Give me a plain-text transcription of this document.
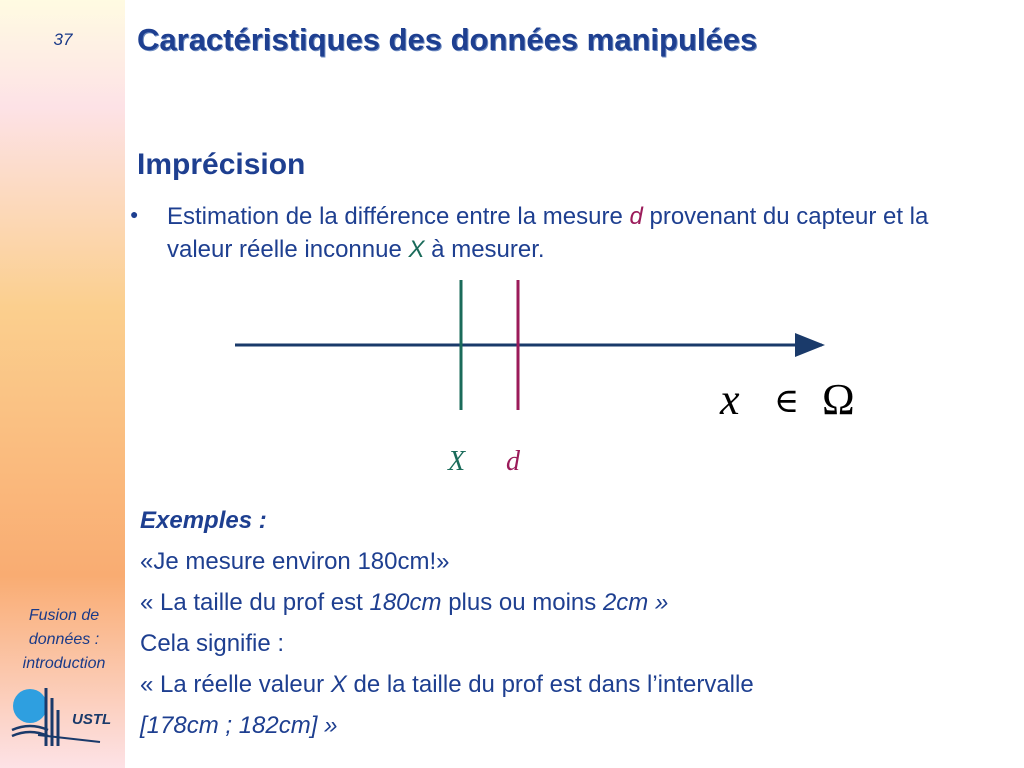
37
Fusion de
données :
introduction
USTL
Caractéristiques des données manipulées
Imprécision
● Estimation de la différence entre la mesure d provenant du capteur et la valeur réelle inconnue X à mesurer.
X d
x ∈ Ω

Exemples :

«Je mesure environ 180cm!»

« La taille du prof est 180cm plus ou moins 2cm »

Cela signifie :

« La réelle valeur X de la taille du prof est dans l’intervalle

[178cm ; 182cm] »
